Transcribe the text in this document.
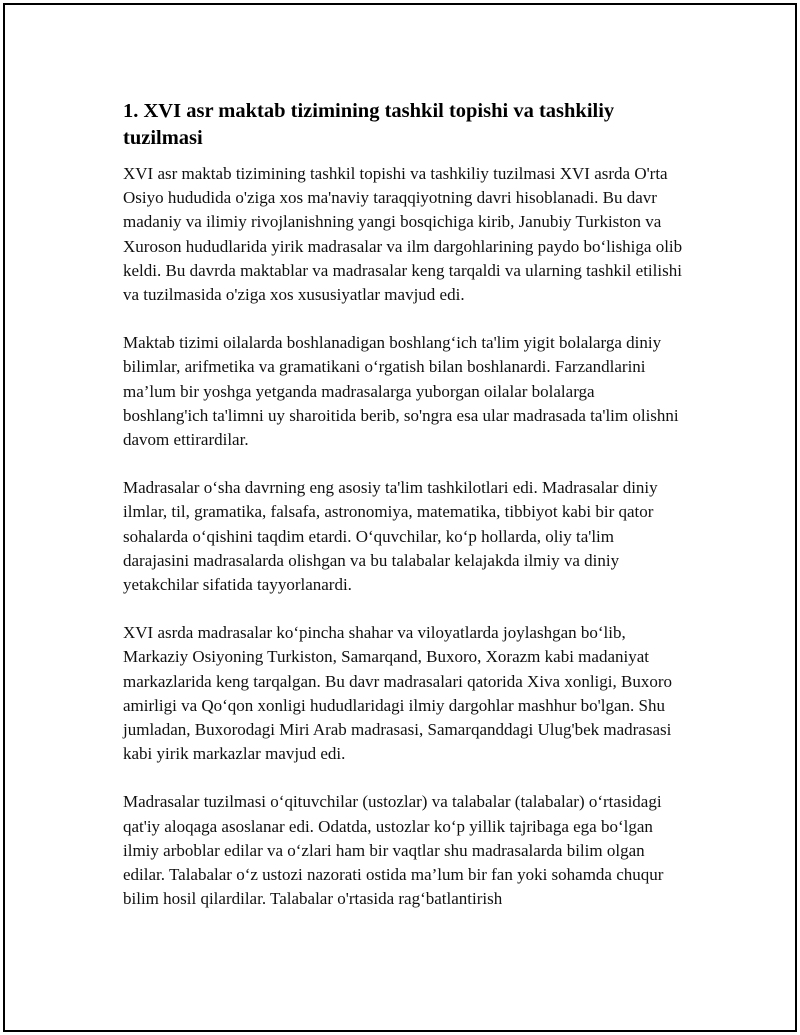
1. XVI asr maktab tizimining tashkil topishi va tashkiliy tuzilmasi

XVI asr maktab tizimining tashkil topishi va tashkiliy tuzilmasi XVI asrda O'rta Osiyo hududida o'ziga xos ma'naviy taraqqiyotning davri hisoblanadi. Bu davr madaniy va ilimiy rivojlanishning yangi bosqichiga kirib, Janubiy Turkiston va Xuroson hududlarida yirik madrasalar va ilm dargohlarining paydo bo‘lishiga olib keldi. Bu davrda maktablar va madrasalar keng tarqaldi va ularning tashkil etilishi va tuzilmasida o'ziga xos xususiyatlar mavjud edi.

Maktab tizimi oilalarda boshlanadigan boshlang‘ich ta'lim yigit bolalarga diniy bilimlar, arifmetika va gramatikani o‘rgatish bilan boshlanardi. Farzandlarini ma’lum bir yoshga yetganda madrasalarga yuborgan oilalar bolalarga boshlang'ich ta'limni uy sharoitida berib, so'ngra esa ular madrasada ta'lim olishni davom ettirardilar.

Madrasalar o‘sha davrning eng asosiy ta'lim tashkilotlari edi. Madrasalar diniy ilmlar, til, gramatika, falsafa, astronomiya, matematika, tibbiyot kabi bir qator sohalarda o‘qishini taqdim etardi. O‘quvchilar, ko‘p hollarda, oliy ta'lim darajasini madrasalarda olishgan va bu talabalar kelajakda ilmiy va diniy yetakchilar sifatida tayyorlanardi.

XVI asrda madrasalar ko‘pincha shahar va viloyatlarda joylashgan bo‘lib, Markaziy Osiyoning Turkiston, Samarqand, Buxoro, Xorazm kabi madaniyat markazlarida keng tarqalgan. Bu davr madrasalari qatorida Xiva xonligi, Buxoro amirligi va Qo‘qon xonligi hududlaridagi ilmiy dargohlar mashhur bo'lgan. Shu jumladan, Buxorodagi Miri Arab madrasasi, Samarqanddagi Ulug'bek madrasasi kabi yirik markazlar mavjud edi.

Madrasalar tuzilmasi o‘qituvchilar (ustozlar) va talabalar (talabalar) o‘rtasidagi qat'iy aloqaga asoslanar edi. Odatda, ustozlar ko‘p yillik tajribaga ega bo‘lgan ilmiy arboblar edilar va o‘zlari ham bir vaqtlar shu madrasalarda bilim olgan edilar. Talabalar o‘z ustozi nazorati ostida ma’lum bir fan yoki sohamda chuqur bilim hosil qilardilar. Talabalar o'rtasida rag‘batlantirish
